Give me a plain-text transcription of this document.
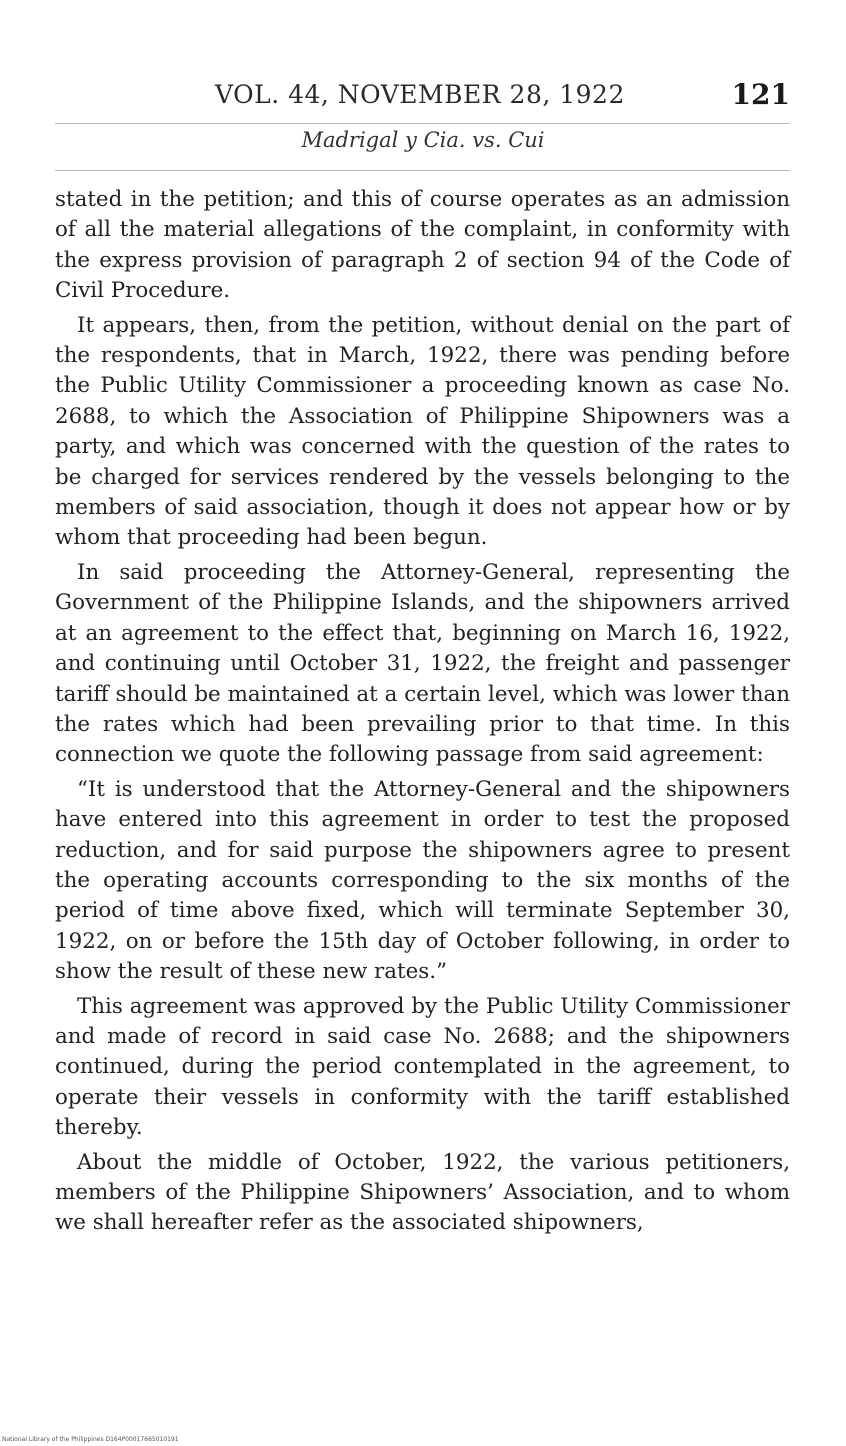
VOL. 44, NOVEMBER 28, 1922	121
Madrigal y Cia. vs. Cui

stated in the petition; and this of course operates as an admission of all the material allegations of the complaint, in conformity with the express provision of paragraph 2 of section 94 of the Code of Civil Procedure.

It appears, then, from the petition, without denial on the part of the respondents, that in March, 1922, there was pending before the Public Utility Commissioner a proceeding known as case No. 2688, to which the Association of Philippine Shipowners was a party, and which was concerned with the question of the rates to be charged for services rendered by the vessels belonging to the members of said association, though it does not appear how or by whom that proceeding had been begun.

In said proceeding the Attorney-General, representing the Government of the Philippine Islands, and the shipowners arrived at an agreement to the effect that, beginning on March 16, 1922, and continuing until October 31, 1922, the freight and passenger tariff should be maintained at a certain level, which was lower than the rates which had been prevailing prior to that time. In this connection we quote the following passage from said agreement:

“It is understood that the Attorney-General and the shipowners have entered into this agreement in order to test the proposed reduction, and for said purpose the shipowners agree to present the operating accounts corresponding to the six months of the period of time above fixed, which will terminate September 30, 1922, on or before the 15th day of October following, in order to show the result of these new rates.”

This agreement was approved by the Public Utility Commissioner and made of record in said case No. 2688; and the shipowners continued, during the period contemplated in the agreement, to operate their vessels in conformity with the tariff established thereby.

About the middle of October, 1922, the various petitioners, members of the Philippine Shipowners’ Association, and to whom we shall hereafter refer as the associated shipowners,

National Library of the Philippines D164P00017665010191
